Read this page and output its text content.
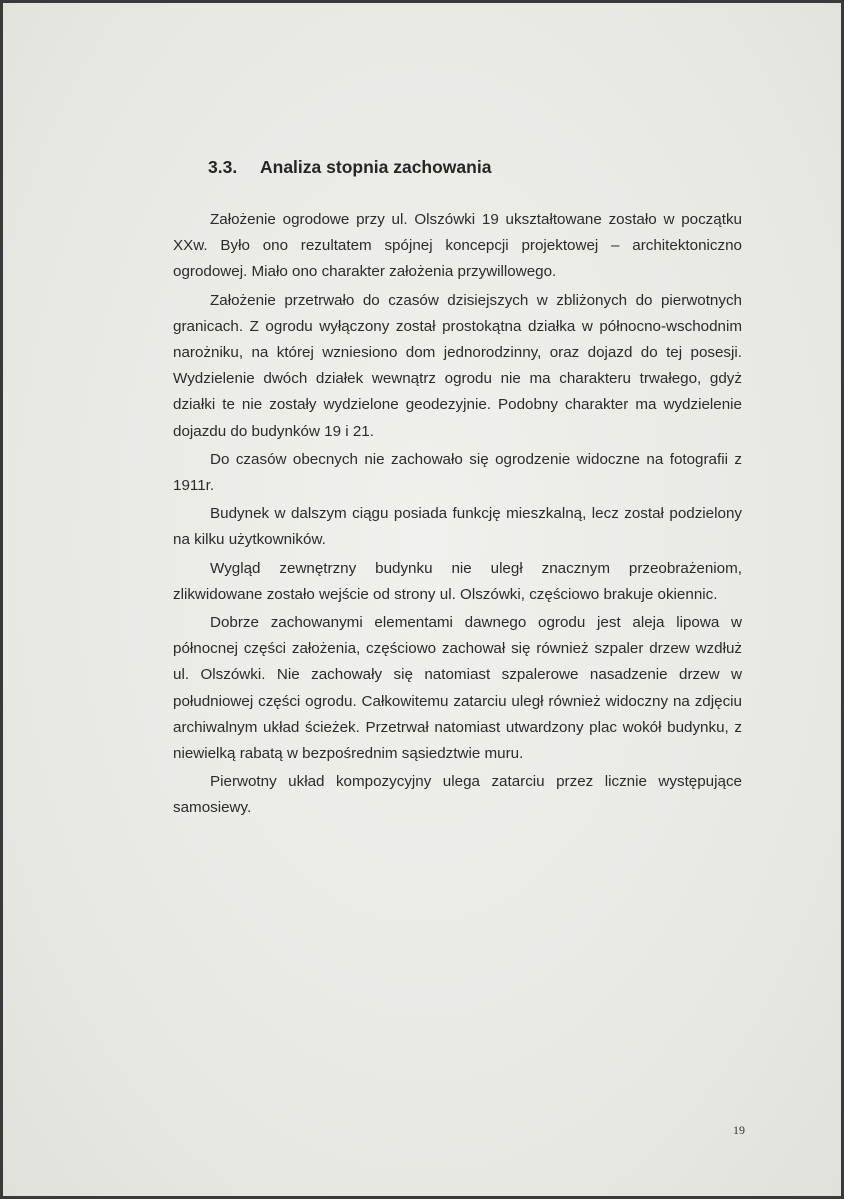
3.3. Analiza stopnia zachowania

Założenie ogrodowe przy ul. Olszówki 19 ukształtowane zostało w początku XXw. Było ono rezultatem spójnej koncepcji projektowej – architektoniczno ogrodowej. Miało ono charakter założenia przywillowego.

Założenie przetrwało do czasów dzisiejszych w zbliżonych do pierwotnych granicach. Z ogrodu wyłączony został prostokątna działka w północno-wschodnim narożniku, na której wzniesiono dom jednorodzinny, oraz dojazd do tej posesji. Wydzielenie dwóch działek wewnątrz ogrodu nie ma charakteru trwałego, gdyż działki te nie zostały wydzielone geodezyjnie. Podobny charakter ma wydzielenie dojazdu do budynków 19 i 21.

Do czasów obecnych nie zachowało się ogrodzenie widoczne na fotografii z 1911r.

Budynek w dalszym ciągu posiada funkcję mieszkalną, lecz został podzielony na kilku użytkowników.

Wygląd zewnętrzny budynku nie uległ znacznym przeobrażeniom, zlikwidowane zostało wejście od strony ul. Olszówki, częściowo brakuje okiennic.

Dobrze zachowanymi elementami dawnego ogrodu jest aleja lipowa w północnej części założenia, częściowo zachował się również szpaler drzew wzdłuż ul. Olszówki. Nie zachowały się natomiast szpalerowe nasadzenie drzew w południowej części ogrodu. Całkowitemu zatarciu uległ również widoczny na zdjęciu archiwalnym układ ścieżek. Przetrwał natomiast utwardzony plac wokół budynku, z niewielką rabatą w bezpośrednim sąsiedztwie muru.

Pierwotny układ kompozycyjny ulega zatarciu przez licznie występujące samosiewy.

19
